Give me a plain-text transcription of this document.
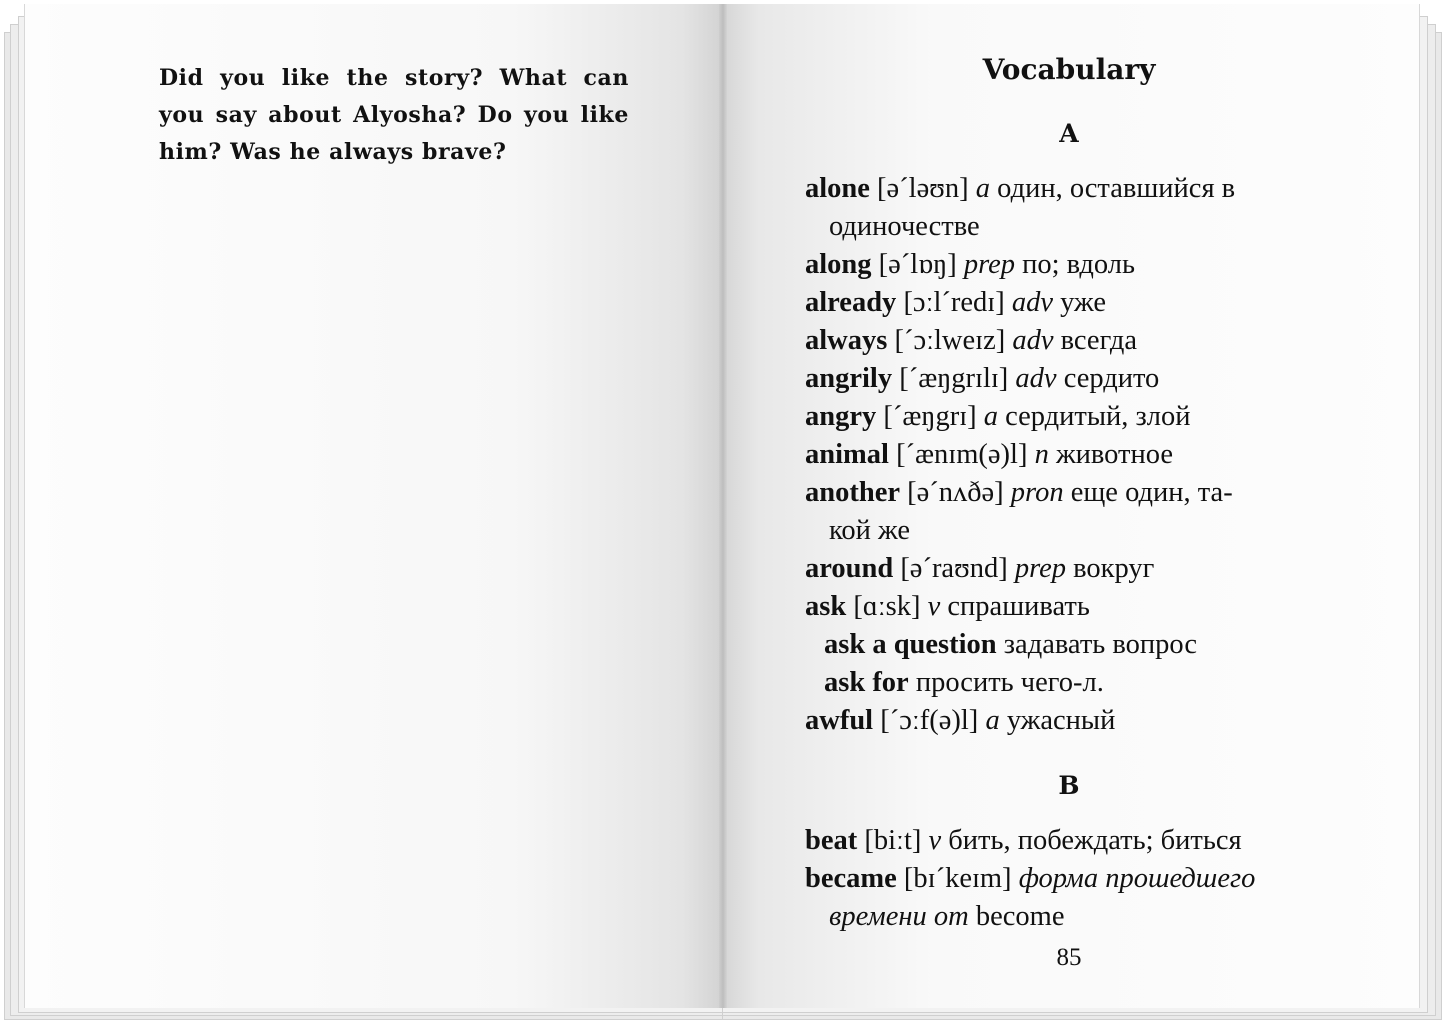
Did you like the story? What can you say about Alyosha? Do you like him? Was he always brave?

Vocabulary
A
alone [əˊləʊn] a один, оставшийся в
одиночестве
along [əˊlɒŋ] prep по; вдоль
already [ɔːlˊredɪ] adv уже
always [ˊɔːlweɪz] adv всегда
angrily [ˊæŋgrɪlɪ] adv сердито
angry [ˊæŋgrɪ] a сердитый, злой
animal [ˊænɪm(ə)l] n животное
another [əˊnʌðə] pron еще один, та-
кой же
around [əˊraʊnd] prep вокруг
ask [ɑːsk] v спрашивать
ask a question задавать вопрос
ask for просить чего-л.
awful [ˊɔːf(ə)l] a ужасный
B
beat [biːt] v бить, побеждать; биться
became [bɪˊkeɪm] форма прошедшего
времени от become
85
